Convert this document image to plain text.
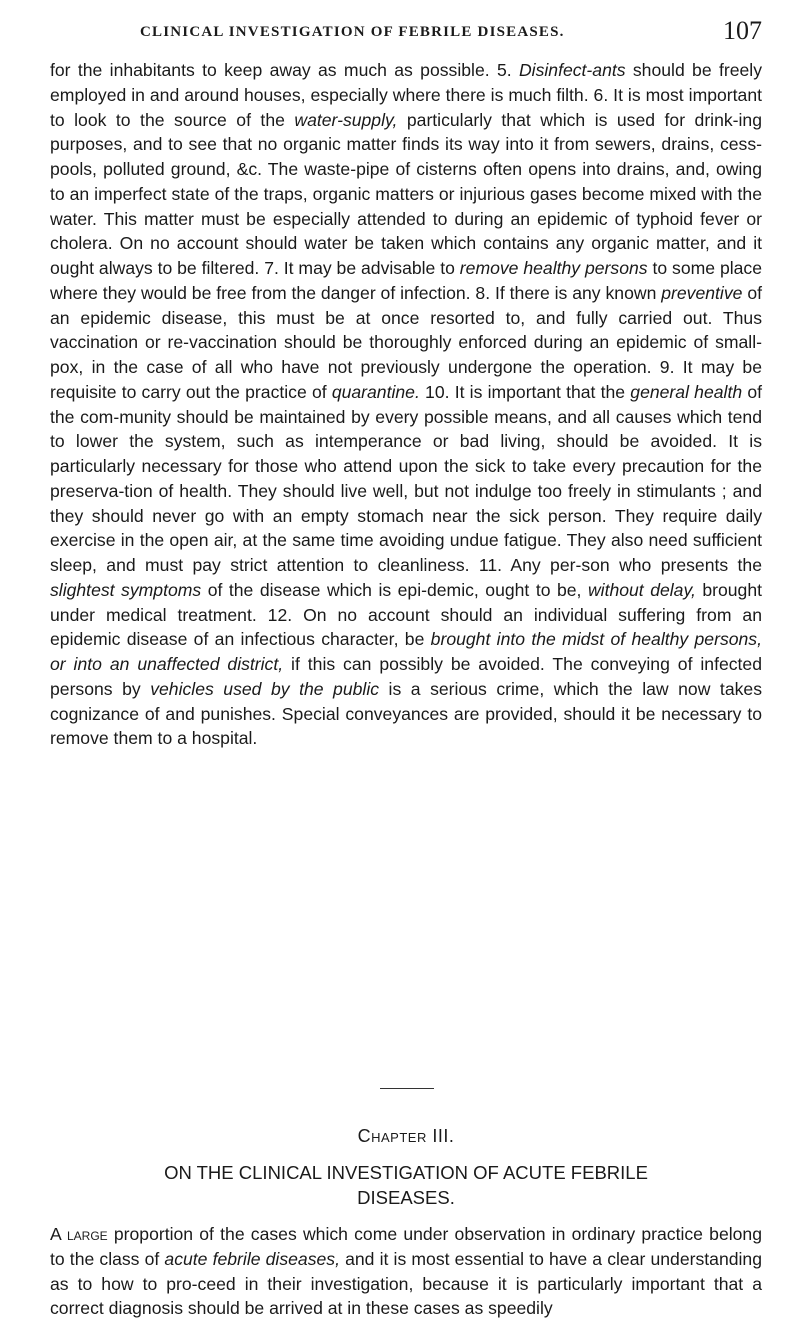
CLINICAL INVESTIGATION OF FEBRILE DISEASES.	107

for the inhabitants to keep away as much as possible. 5. Disinfect-ants should be freely employed in and around houses, especially where there is much filth. 6. It is most important to look to the source of the water-supply, particularly that which is used for drink-ing purposes, and to see that no organic matter finds its way into it from sewers, drains, cess-pools, polluted ground, &c. The waste-pipe of cisterns often opens into drains, and, owing to an imperfect state of the traps, organic matters or injurious gases become mixed with the water. This matter must be especially attended to during an epidemic of typhoid fever or cholera. On no account should water be taken which contains any organic matter, and it ought always to be filtered. 7. It may be advisable to remove healthy persons to some place where they would be free from the danger of infection. 8. If there is any known preventive of an epidemic disease, this must be at once resorted to, and fully carried out. Thus vaccination or re-vaccination should be thoroughly enforced during an epidemic of small-pox, in the case of all who have not previously undergone the operation. 9. It may be requisite to carry out the practice of quarantine. 10. It is important that the general health of the com-munity should be maintained by every possible means, and all causes which tend to lower the system, such as intemperance or bad living, should be avoided. It is particularly necessary for those who attend upon the sick to take every precaution for the preserva-tion of health. They should live well, but not indulge too freely in stimulants ; and they should never go with an empty stomach near the sick person. They require daily exercise in the open air, at the same time avoiding undue fatigue. They also need sufficient sleep, and must pay strict attention to cleanliness. 11. Any per-son who presents the slightest symptoms of the disease which is epi-demic, ought to be, without delay, brought under medical treatment. 12. On no account should an individual suffering from an epidemic disease of an infectious character, be brought into the midst of healthy persons, or into an unaffected district, if this can possibly be avoided. The conveying of infected persons by vehicles used by the public is a serious crime, which the law now takes cognizance of and punishes. Special conveyances are provided, should it be necessary to remove them to a hospital.

Chapter III.
ON THE CLINICAL INVESTIGATION OF ACUTE FEBRILE
DISEASES.

A large proportion of the cases which come under observation in ordinary practice belong to the class of acute febrile diseases, and it is most essential to have a clear understanding as to how to pro-ceed in their investigation, because it is particularly important that a correct diagnosis should be arrived at in these cases as speedily
